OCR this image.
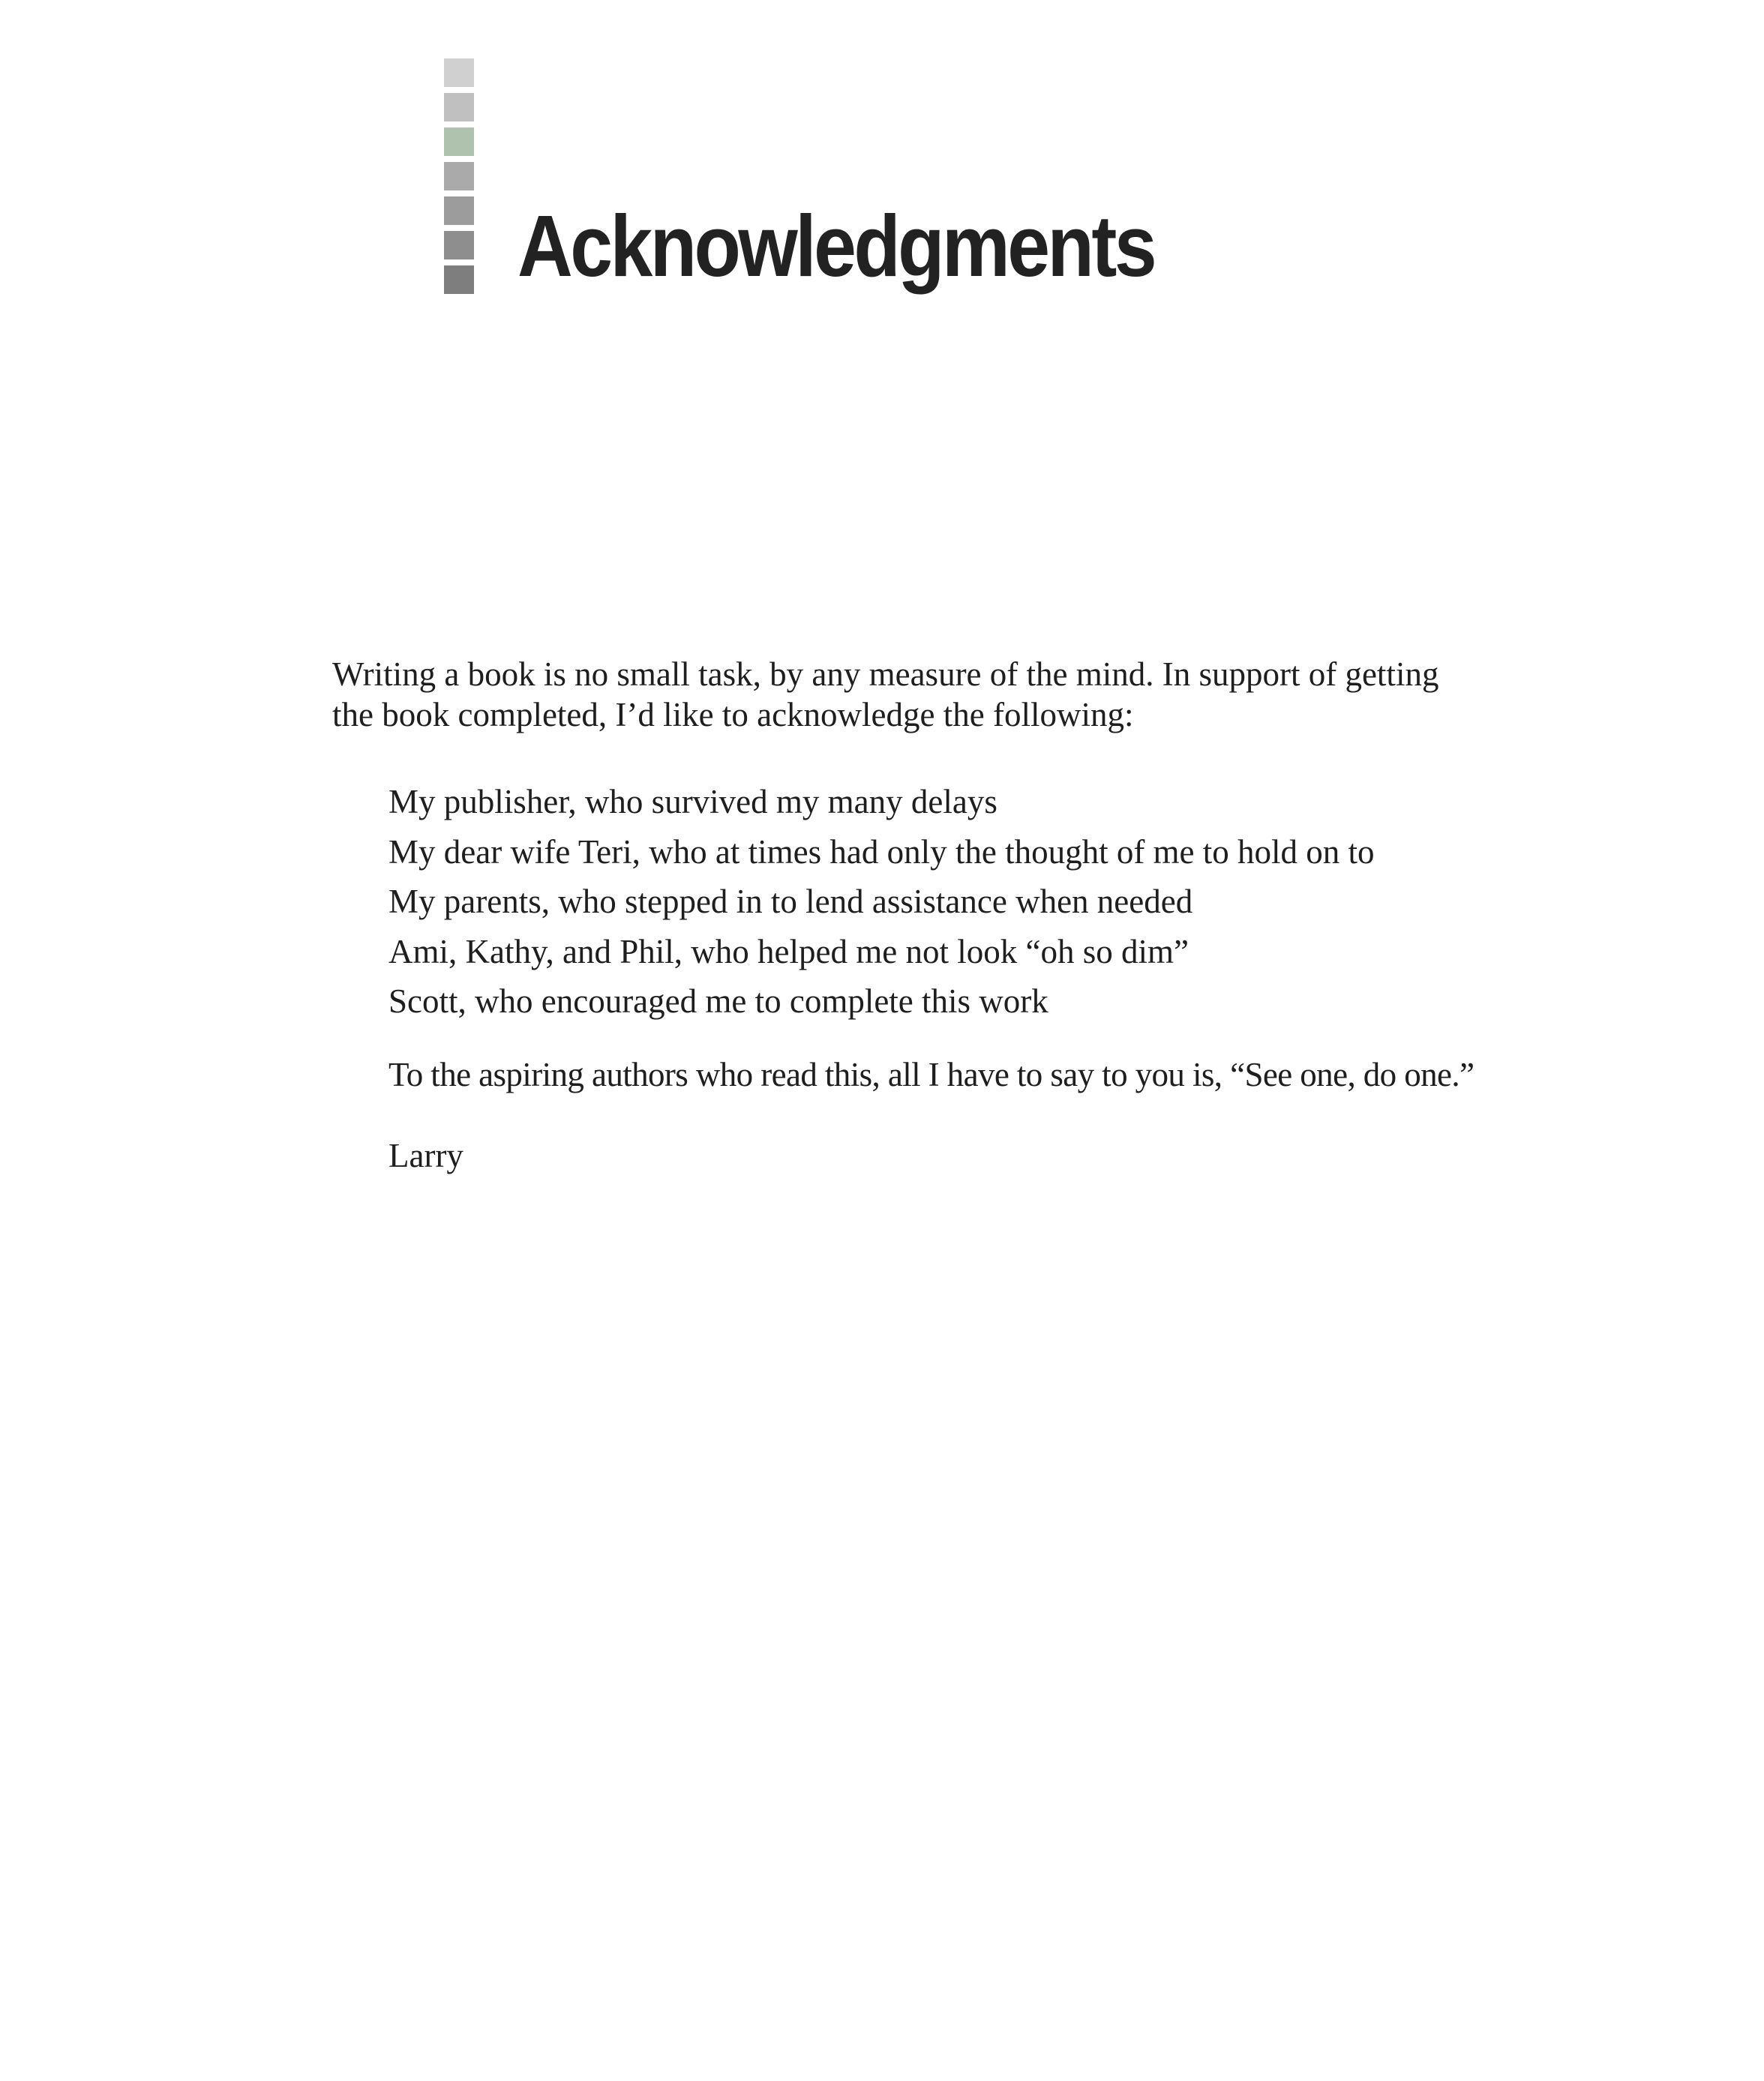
Acknowledgments

Writing a book is no small task, by any measure of the mind. In support of getting the book completed, I’d like to acknowledge the following:

My publisher, who survived my many delays
My dear wife Teri, who at times had only the thought of me to hold on to
My parents, who stepped in to lend assistance when needed
Ami, Kathy, and Phil, who helped me not look “oh so dim”
Scott, who encouraged me to complete this work

To the aspiring authors who read this, all I have to say to you is, “See one, do one.”

Larry
